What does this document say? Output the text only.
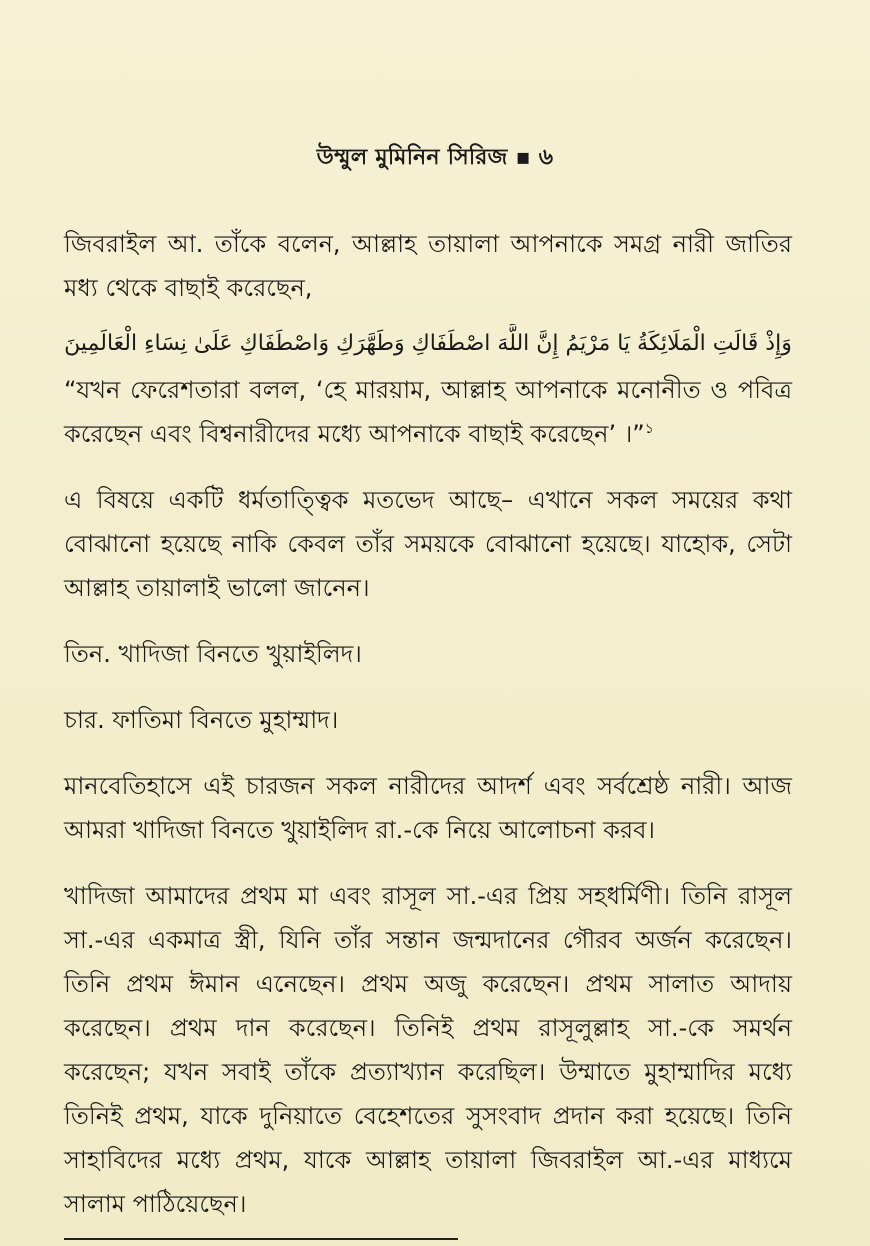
উম্মুল মুমিনিন সিরিজ ▪ ৬

জিবরাইল আ. তাঁকে বলেন, আল্লাহ তায়ালা আপনাকে সমগ্র নারী জাতির মধ্য থেকে বাছাই করেছেন,

وَإِذْ قَالَتِ الْمَلَائِكَةُ يَا مَرْيَمُ إِنَّ اللَّهَ اصْطَفَاكِ وَطَهَّرَكِ وَاصْطَفَاكِ عَلَىٰ نِسَاءِ الْعَالَمِينَ

“যখন ফেরেশতারা বলল, ‘হে মারয়াম, আল্লাহ আপনাকে মনোনীত ও পবিত্র করেছেন এবং বিশ্বনারীদের মধ্যে আপনাকে বাছাই করেছেন’ ।”$^১$

এ বিষয়ে একটি ধর্মতাত্ত্বিক মতভেদ আছে– এখানে সকল সময়ের কথা বোঝানো হয়েছে নাকি কেবল তাঁর সময়কে বোঝানো হয়েছে। যাহোক, সেটা আল্লাহ তায়ালাই ভালো জানেন।

তিন. খাদিজা বিনতে খুয়াইলিদ।

চার. ফাতিমা বিনতে মুহাম্মাদ।

মানবেতিহাসে এই চারজন সকল নারীদের আদর্শ এবং সর্বশ্রেষ্ঠ নারী। আজ আমরা খাদিজা বিনতে খুয়াইলিদ রা.-কে নিয়ে আলোচনা করব।

খাদিজা আমাদের প্রথম মা এবং রাসূল সা.-এর প্রিয় সহধর্মিণী। তিনি রাসূল সা.-এর একমাত্র স্ত্রী, যিনি তাঁর সন্তান জন্মদানের গৌরব অর্জন করেছেন। তিনি প্রথম ঈমান এনেছেন। প্রথম অজু করেছেন। প্রথম সালাত আদায় করেছেন। প্রথম দান করেছেন। তিনিই প্রথম রাসূলুল্লাহ সা.-কে সমর্থন করেছেন; যখন সবাই তাঁকে প্রত্যাখ্যান করেছিল। উম্মাতে মুহাম্মাদির মধ্যে তিনিই প্রথম, যাকে দুনিয়াতে বেহেশতের সুসংবাদ প্রদান করা হয়েছে। তিনি সাহাবিদের মধ্যে প্রথম, যাকে আল্লাহ তায়ালা জিবরাইল আ.-এর মাধ্যমে সালাম পাঠিয়েছেন।
